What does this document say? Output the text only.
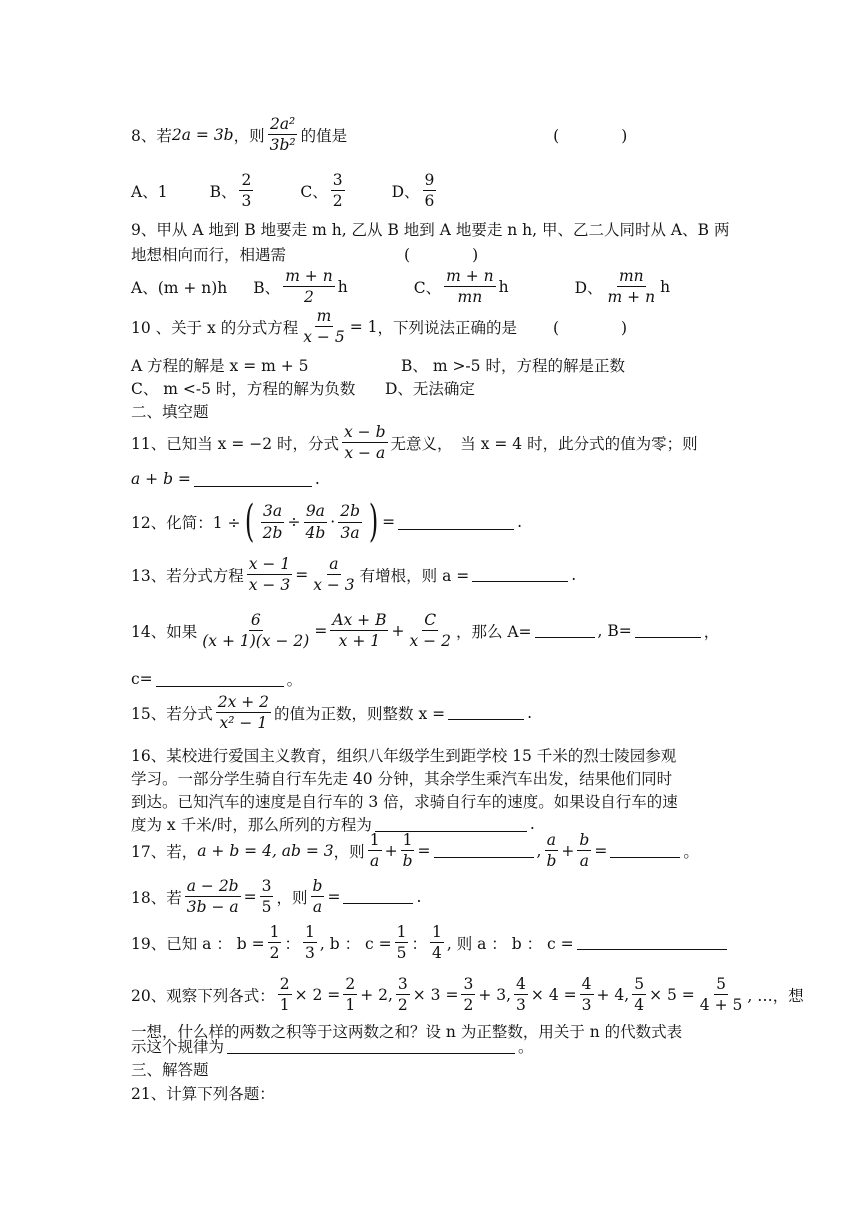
8、若 2a = 3b ，则
2a²
3b²
的值是	(　　　　)
A、1	B、
2
3
C、
3
2
D、
9
6
9、甲从 A 地到 B 地要走 m h, 乙从 B 地到 A 地要走 n h, 甲、乙二人同时从 A、B 两
地想相向而行，相遇需	(　　　　)
A、(m + n)h B、
m + n
2
h	C、
m + n
mn
h	D、
mn
m + n
h
10 、关于 x 的分式方程 $\frac{m}{x - 5} = 1$ ，下列说法正确的是 (　　　　)
A 方程的解是 x = m + 5	B、 m >-5 时，方程的解是正数
C、 m <-5 时，方程的解为负数	D、无法确定
二、填空题
11、已知当 x = −2 时，分式
x − b
x − a
无意义，　当 x = 4 时，此分式的值为零；则
a + b =	.
12、化简：1 ÷ ( $\frac{3a}{2b} \div \frac{9a}{4b}$ ·
2b
3a ) =	.
13、若分式方程 $\frac{x - 1}{x - 3} = \frac{a}{x - 3}$ 有增根，则 a =	.
14、如果 $\frac{6}{(x + 1)(x - 2)} = \frac{Ax + B}{x + 1} + \frac{C}{x - 2}$ ，那么 A=	, B=	，
c=	。
15、若分式
2x + 2
x² − 1
的值为正数，则整数 x =	.
16、某校进行爱国主义教育，组织八年级学生到距学校 15 千米的烈士陵园参观
学习。一部分学生骑自行车先走 40 分钟，其余学生乘汽车出发，结果他们同时
到达。已知汽车的速度是自行车的 3 倍，求骑自行车的速度。如果设自行车的速
度为 x 千米/时，那么所列的方程为	.
17、若， a + b = 4, ab = 3 ，则
1
a
+ $\frac{1}{b}$ =	,
a
b
+ $\frac{b}{a}$ =	。
18、若 $\frac{a - 2b}{3b - a} = \frac{3}{5}$ ，则 $\frac{b}{a}$ =	.
19、已知 a ： $b = \frac{1}{2}$ ：
1
3
, b ： $c = \frac{1}{5}$ ：
1
4
, 则 a ： b ： c =
20、观察下列各式： $\frac{2}{1} \times 2 = \frac{2}{1} + 2$, $\frac{3}{2} \times 3 = \frac{3}{2} + 3$, $\frac{4}{3} \times 4 = \frac{4}{3} + 4$, $\frac{5}{4} \times 5 = \frac{5}{4 + 5}$ , …，想
一想，什么样的两数之积等于这两数之和？设 n 为正整数，用关于 n 的代数式表
示这个规律为	。
三、解答题
21、计算下列各题：
